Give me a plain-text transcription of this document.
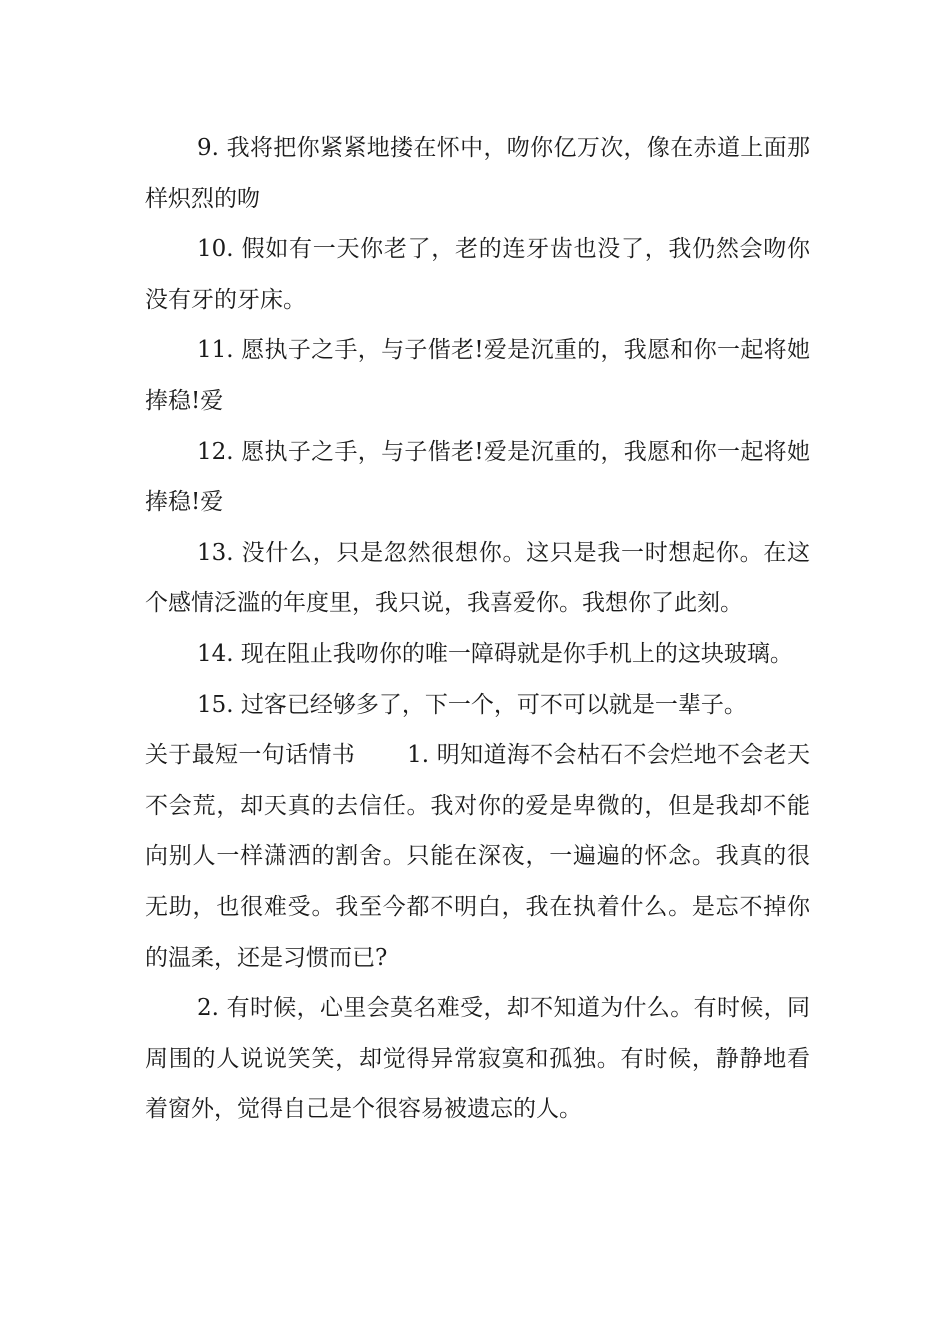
9. 我将把你紧紧地搂在怀中，吻你亿万次，像在赤道上面那样炽烈的吻

10. 假如有一天你老了，老的连牙齿也没了，我仍然会吻你没有牙的牙床。

11. 愿执子之手，与子偕老!爱是沉重的，我愿和你一起将她捧稳!爱

12. 愿执子之手，与子偕老!爱是沉重的，我愿和你一起将她捧稳!爱

13. 没什么，只是忽然很想你。这只是我一时想起你。在这个感情泛滥的年度里，我只说，我喜爱你。我想你了此刻。

14. 现在阻止我吻你的唯一障碍就是你手机上的这块玻璃。

15. 过客已经够多了，下一个，可不可以就是一辈子。

关于最短一句话情书 1. 明知道海不会枯石不会烂地不会老天不会荒，却天真的去信任。我对你的爱是卑微的，但是我却不能向别人一样潇洒的割舍。只能在深夜，一遍遍的怀念。我真的很无助，也很难受。我至今都不明白，我在执着什么。是忘不掉你的温柔，还是习惯而已?

2. 有时候，心里会莫名难受，却不知道为什么。有时候，同周围的人说说笑笑，却觉得异常寂寞和孤独。有时候，静静地看着窗外，觉得自己是个很容易被遗忘的人。
